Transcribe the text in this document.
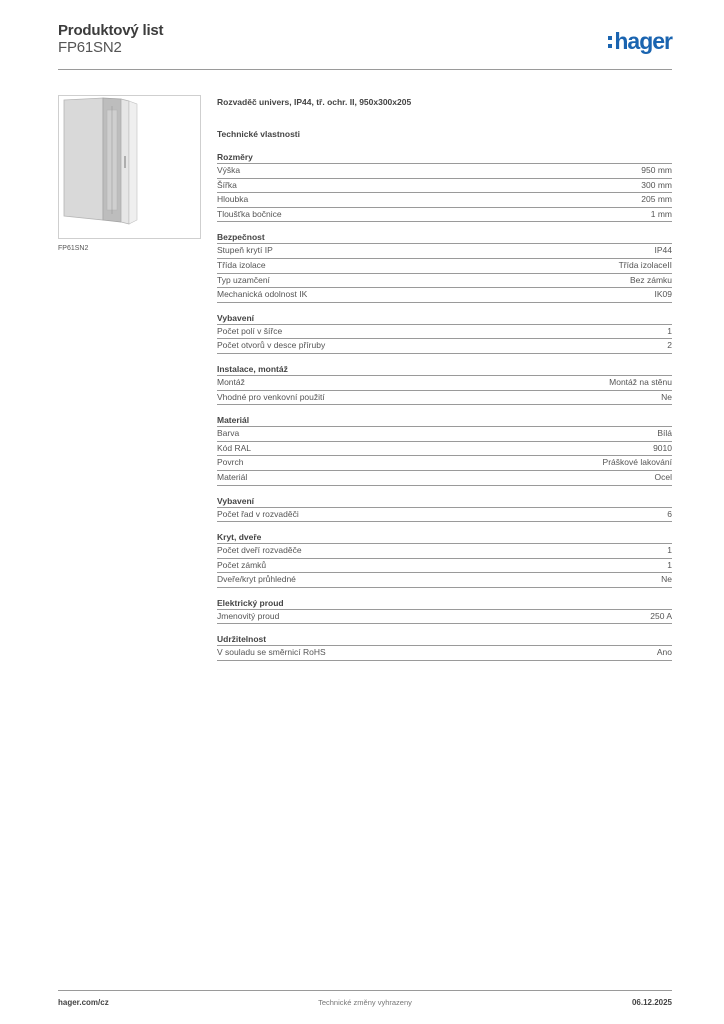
Produktový list
FP61SN2	hager
FP61SN2
Rozvaděč univers, IP44, tř. ochr. II, 950x300x205
Technické vlastnosti
Rozměry
Výška	950 mm
Šířka	300 mm
Hloubka	205 mm
Tloušťka bočnice	1 mm
Bezpečnost
Stupeň krytí IP	IP44
Třída izolace	Třída izolaceII
Typ uzamčení	Bez zámku
Mechanická odolnost IK	IK09
Vybavení
Počet polí v šířce	1
Počet otvorů v desce příruby	2
Instalace, montáž
Montáž	Montáž na stěnu
Vhodné pro venkovní použití	Ne
Materiál
Barva	Bílá
Kód RAL	9010
Povrch	Práškové lakování
Materiál	Ocel
Vybavení
Počet řad v rozvaděči	6
Kryt, dveře
Počet dveří rozvaděče	1
Počet zámků	1
Dveře/kryt průhledné	Ne
Elektrický proud
Jmenovitý proud	250 A
Udržitelnost
V souladu se směrnicí RoHS	Ano
hager.com/cz	Technické změny vyhrazeny	06.12.2025
